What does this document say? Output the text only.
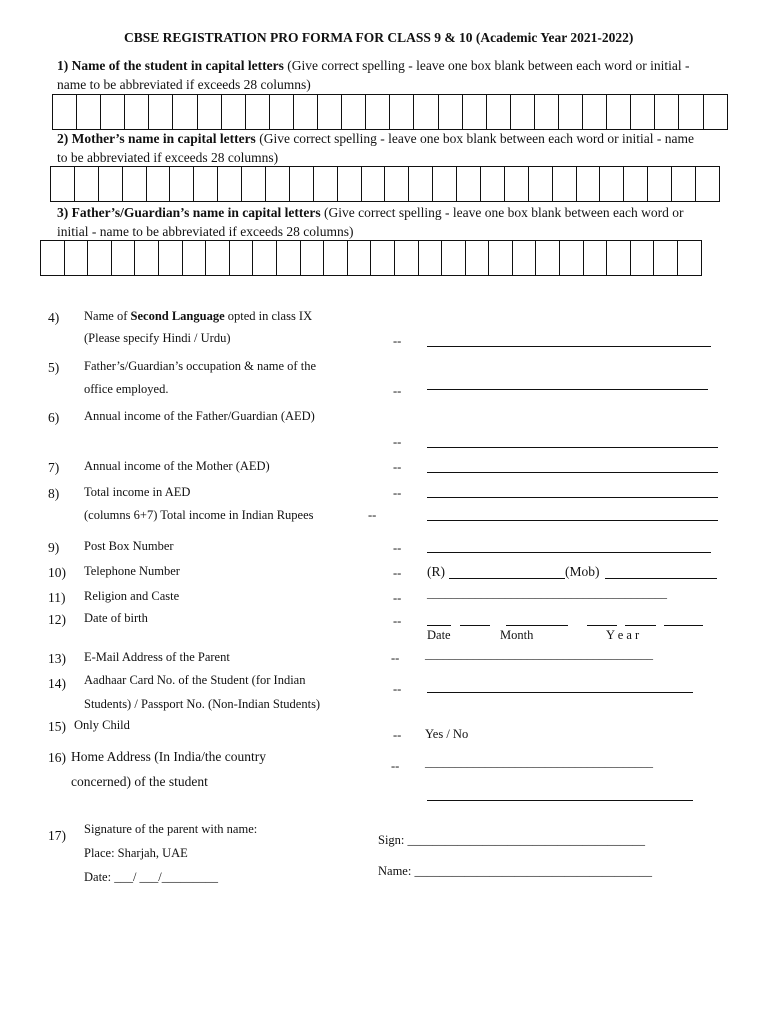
CBSE REGISTRATION PRO FORMA FOR CLASS 9 & 10 (Academic Year 2021-2022)
1) Name of the student in capital letters (Give correct spelling - leave one box blank between each word or initial - name to be abbreviated if exceeds 28 columns)
2) Mother’s name in capital letters (Give correct spelling - leave one box blank between each word or initial - name to be abbreviated if exceeds 28 columns)
3) Father’s/Guardian’s name in capital letters (Give correct spelling - leave one box blank between each word or initial - name to be abbreviated if exceeds 28 columns)
4) Name of Second Language opted in class IX
(Please specify Hindi / Urdu)	--
5) Father’s/Guardian’s occupation & name of the
office employed.	--
6) Annual income of the Father/Guardian (AED)
--
7) Annual income of the Mother (AED)	--
8) Total income in AED	--
(columns 6+7) Total income in Indian Rupees	--
9) Post Box Number	--
10) Telephone Number	-- (R)	(Mob)
11) Religion and Caste	-- ________________________________________
12) Date of birth	--
Date	Month	Y e a r
13) E-Mail Address of the Parent	-- ______________________________________
14) Aadhaar Card No. of the Student (for Indian
Students) / Passport No. (Non-Indian Students)
--
15) Only Child
-- Yes / No
16) Home Address (In India/the country
concerned) of the student
-- ______________________________________
17) Signature of the parent with name:
Place: Sharjah, UAE
Date: ___/ ___/_________
Sign: ______________________________________
Name: ______________________________________
